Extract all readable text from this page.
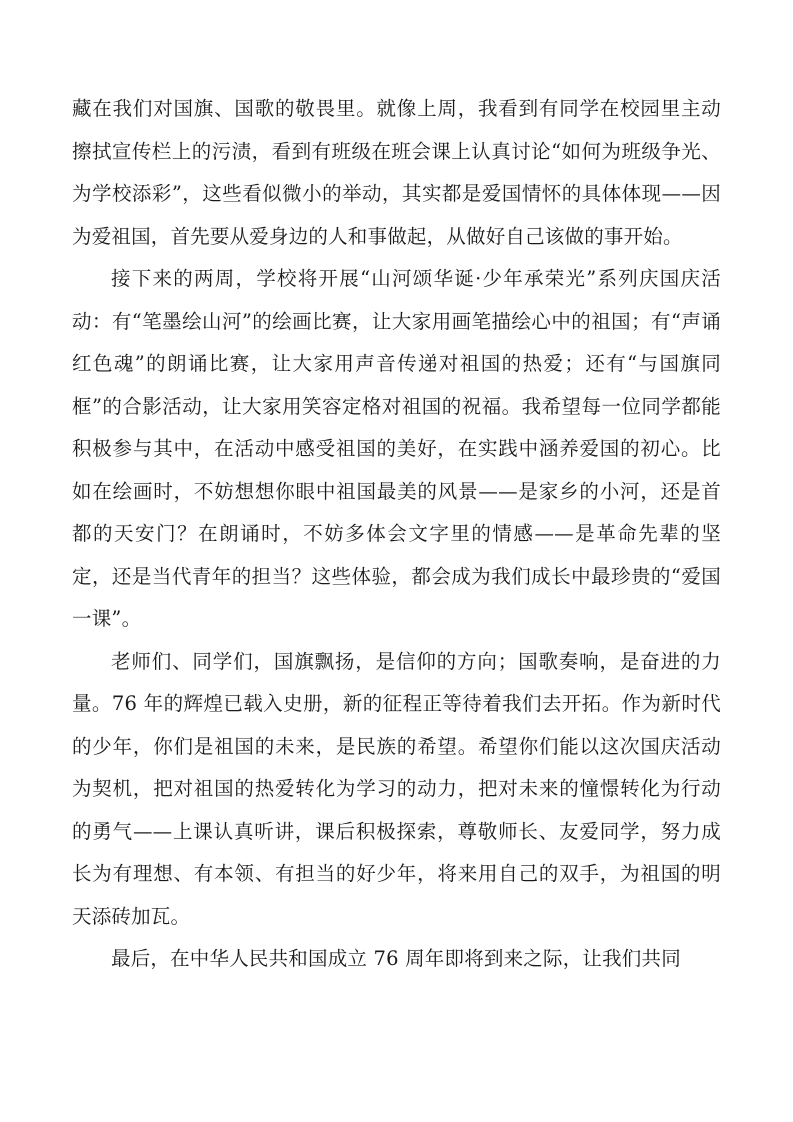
藏在我们对国旗、国歌的敬畏里。就像上周，我看到有同学在校园里主动擦拭宣传栏上的污渍，看到有班级在班会课上认真讨论“如何为班级争光、为学校添彩”，这些看似微小的举动，其实都是爱国情怀的具体体现——因为爱祖国，首先要从爱身边的人和事做起，从做好自己该做的事开始。

接下来的两周，学校将开展“山河颂华诞·少年承荣光”系列庆国庆活动：有“笔墨绘山河”的绘画比赛，让大家用画笔描绘心中的祖国；有“声诵红色魂”的朗诵比赛，让大家用声音传递对祖国的热爱；还有“与国旗同框”的合影活动，让大家用笑容定格对祖国的祝福。我希望每一位同学都能积极参与其中，在活动中感受祖国的美好，在实践中涵养爱国的初心。比如在绘画时，不妨想想你眼中祖国最美的风景——是家乡的小河，还是首都的天安门？在朗诵时，不妨多体会文字里的情感——是革命先辈的坚定，还是当代青年的担当？这些体验，都会成为我们成长中最珍贵的“爱国一课”。

老师们、同学们，国旗飘扬，是信仰的方向；国歌奏响，是奋进的力量。76 年的辉煌已载入史册，新的征程正等待着我们去开拓。作为新时代的少年，你们是祖国的未来，是民族的希望。希望你们能以这次国庆活动为契机，把对祖国的热爱转化为学习的动力，把对未来的憧憬转化为行动的勇气——上课认真听讲，课后积极探索，尊敬师长、友爱同学，努力成长为有理想、有本领、有担当的好少年，将来用自己的双手，为祖国的明天添砖加瓦。

最后，在中华人民共和国成立 76 周年即将到来之际，让我们共同
